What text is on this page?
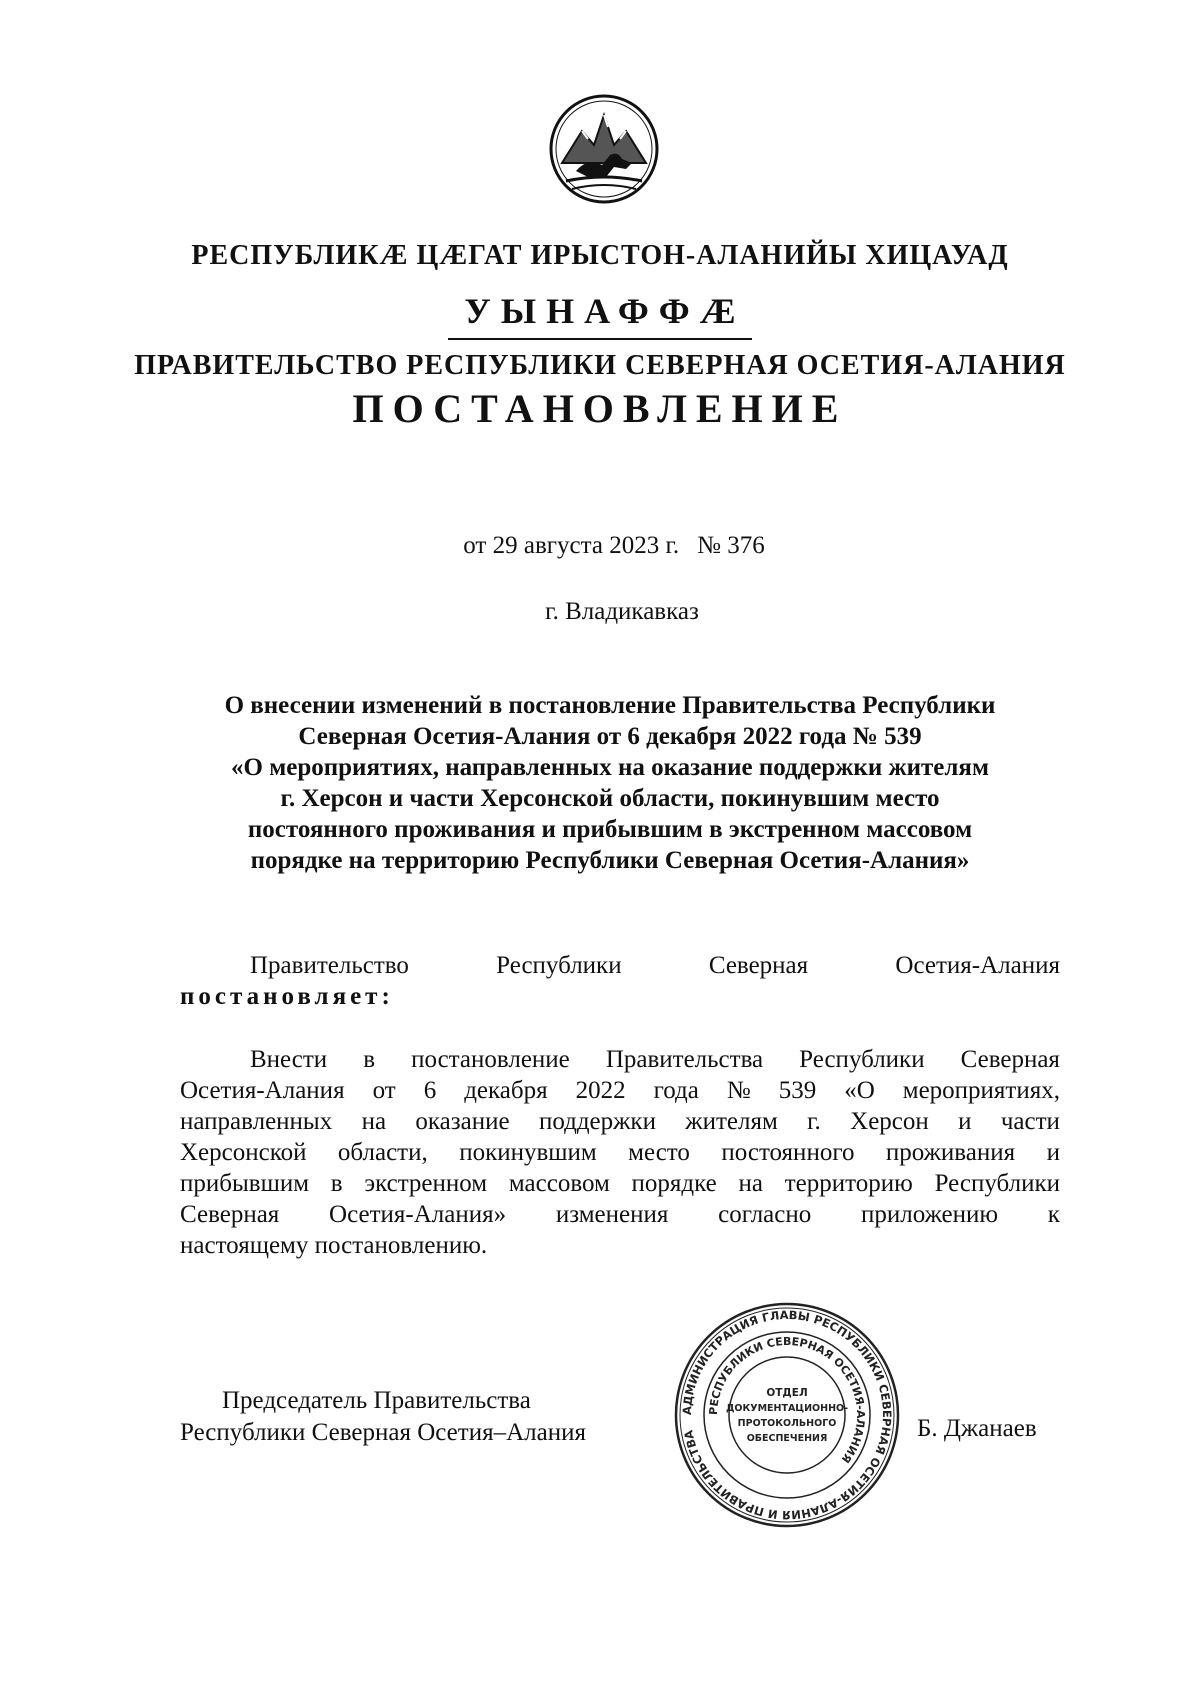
РЕСПУБЛИКӔ ЦӔГАТ ИРЫСТОН-АЛАНИЙЫ ХИЦАУАД
УЫНАФФӔ
ПРАВИТЕЛЬСТВО РЕСПУБЛИКИ СЕВЕРНАЯ ОСЕТИЯ-АЛАНИЯ
ПОСТАНОВЛЕНИЕ
от 29 августа 2023 г. № 376
г. Владикавказ
О внесении изменений в постановление Правительства Республики
Северная Осетия-Алания от 6 декабря 2022 года № 539
«О мероприятиях, направленных на оказание поддержки жителям
г. Херсон и части Херсонской области, покинувшим место
постоянного проживания и прибывшим в экстренном массовом
порядке на территорию Республики Северная Осетия-Алания»
Правительство	Республики	Северная	Осетия-Алания
постановляет:
Внести в постановление Правительства Республики Северная
Осетия-Алания от 6 декабря 2022 года № 539 «О мероприятиях,
направленных на оказание поддержки жителям г. Херсон и части
Херсонской области, покинувшим место постоянного проживания и
прибывшим в экстренном массовом порядке на территорию Республики
Северная Осетия-Алания» изменения согласно приложению к
настоящему постановлению.
Председатель Правительства
Республики Северная Осетия–Алания	Б. Джанаев
АДМИНИСТРАЦИЯ ГЛАВЫ РЕСПУБЛИКИ СЕВЕРНАЯ ОСЕТИЯ-АЛАНИЯ И ПРАВИТЕЛЬСТВА
РЕСПУБЛИКИ СЕВЕРНАЯ ОСЕТИЯ-АЛАНИЯ
ОТДЕЛ
ДОКУМЕНТАЦИОННО-
ПРОТОКОЛЬНОГО
ОБЕСПЕЧЕНИЯ
